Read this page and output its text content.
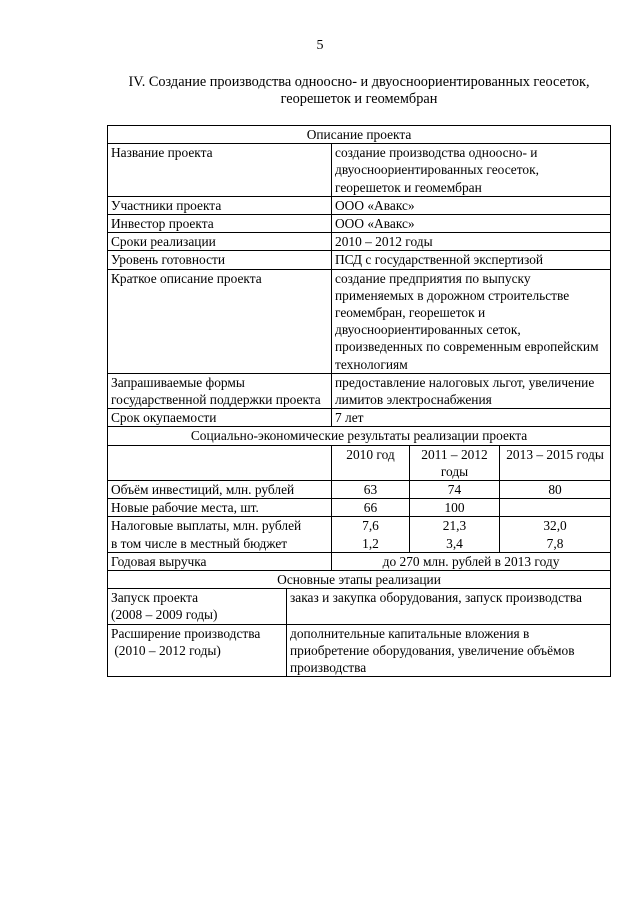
5
IV. Создание производства одноосно- и двуосноориентированных геосеток,
георешеток и геомембран
Описание проекта				
Название проекта		создание производства одноосно- и двуосноориентированных геосеток, георешеток и геомембран		
Участники проекта		ООО «Авакс»		
Инвестор проекта		ООО «Авакс»		
Сроки реализации		2010 – 2012 годы		
Уровень готовности		ПСД с государственной экспертизой		
Краткое описание проекта		создание предприятия по выпуску применяемых в дорожном строительстве геомембран, георешеток и двуосноориентированных сеток, произведенных по современным европейским технологиям		
Запрашиваемые формы государственной поддержки проекта		предоставление налоговых льгот, увеличение лимитов электроснабжения		
Срок окупаемости		7 лет		
Социально-экономические результаты реализации проекта				
		2010 год	2011 – 2012 годы	2013 – 2015 годы
Объём инвестиций, млн. рублей		63	74	80
Новые рабочие места, шт.		66	100	
Налоговые выплаты, млн. рублей		7,6	21,3	32,0
в том числе в местный бюджет		1,2	3,4	7,8
Годовая выручка		до 270 млн. рублей в 2013 году		
Основные этапы реализации				

Запуск проекта
(2008 – 2009 годы)	заказ и закупка оборудования, запуск производства			

Расширение производства
(2010 – 2012 годы)	дополнительные капитальные вложения в приобретение оборудования, увеличение объёмов производства			
